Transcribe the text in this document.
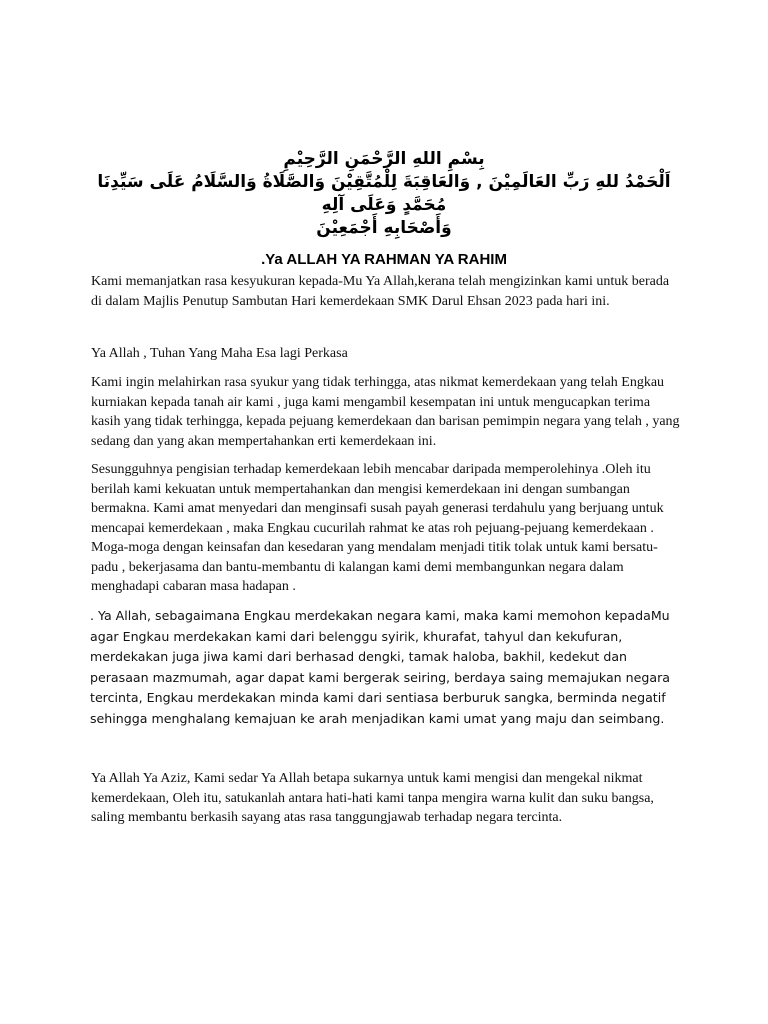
بِسْمِ اللهِ الرَّحْمَنِ الرَّحِيْمِ
اَلْحَمْدُ للهِ رَبِّ العَالَمِيْنَ , وَالعَاقِبَةَ لِلْمُتَّقِيْنَ وَالصَّلَاةُ وَالسَّلَامُ عَلَى سَيِّدِنَا
مُحَمَّدٍ وَعَلَى آلِهِ
وَأَصْحَابِهِ أَجْمَعِيْنَ
.Ya ALLAH YA RAHMAN YA RAHIM

Kami memanjatkan rasa kesyukuran kepada-Mu Ya Allah,kerana telah mengizinkan kami untuk berada di dalam Majlis Penutup Sambutan Hari kemerdekaan SMK Darul Ehsan 2023 pada hari ini.

Ya Allah , Tuhan Yang Maha Esa lagi Perkasa

Kami ingin melahirkan rasa syukur yang tidak terhingga, atas nikmat kemerdekaan yang telah Engkau kurniakan kepada tanah air kami , juga kami mengambil kesempatan ini untuk mengucapkan terima kasih yang tidak terhingga, kepada pejuang kemerdekaan dan barisan pemimpin negara yang telah , yang sedang dan yang akan mempertahankan erti kemerdekaan ini.

Sesungguhnya pengisian terhadap kemerdekaan lebih mencabar daripada memperolehinya .Oleh itu berilah kami kekuatan untuk mempertahankan dan mengisi kemerdekaan ini dengan sumbangan bermakna. Kami amat menyedari dan menginsafi susah payah generasi terdahulu yang berjuang untuk mencapai kemerdekaan , maka Engkau cucurilah rahmat ke atas roh pejuang-pejuang kemerdekaan . Moga-moga dengan keinsafan dan kesedaran yang mendalam menjadi titik tolak untuk kami bersatu-padu , bekerjasama dan bantu-membantu di kalangan kami demi membangunkan negara dalam menghadapi cabaran masa hadapan .

. Ya Allah, sebagaimana Engkau merdekakan negara kami, maka kami memohon kepadaMu agar Engkau merdekakan kami dari belenggu syirik, khurafat, tahyul dan kekufuran, merdekakan juga jiwa kami dari berhasad dengki, tamak haloba, bakhil, kedekut dan perasaan mazmumah, agar dapat kami bergerak seiring, berdaya saing memajukan negara tercinta, Engkau merdekakan minda kami dari sentiasa berburuk sangka, berminda negatif sehingga menghalang kemajuan ke arah menjadikan kami umat yang maju dan seimbang.

Ya Allah Ya Aziz, Kami sedar Ya Allah betapa sukarnya untuk kami mengisi dan mengekal nikmat kemerdekaan, Oleh itu, satukanlah antara hati-hati kami tanpa mengira warna kulit dan suku bangsa, saling membantu berkasih sayang atas rasa tanggungjawab terhadap negara tercinta.
